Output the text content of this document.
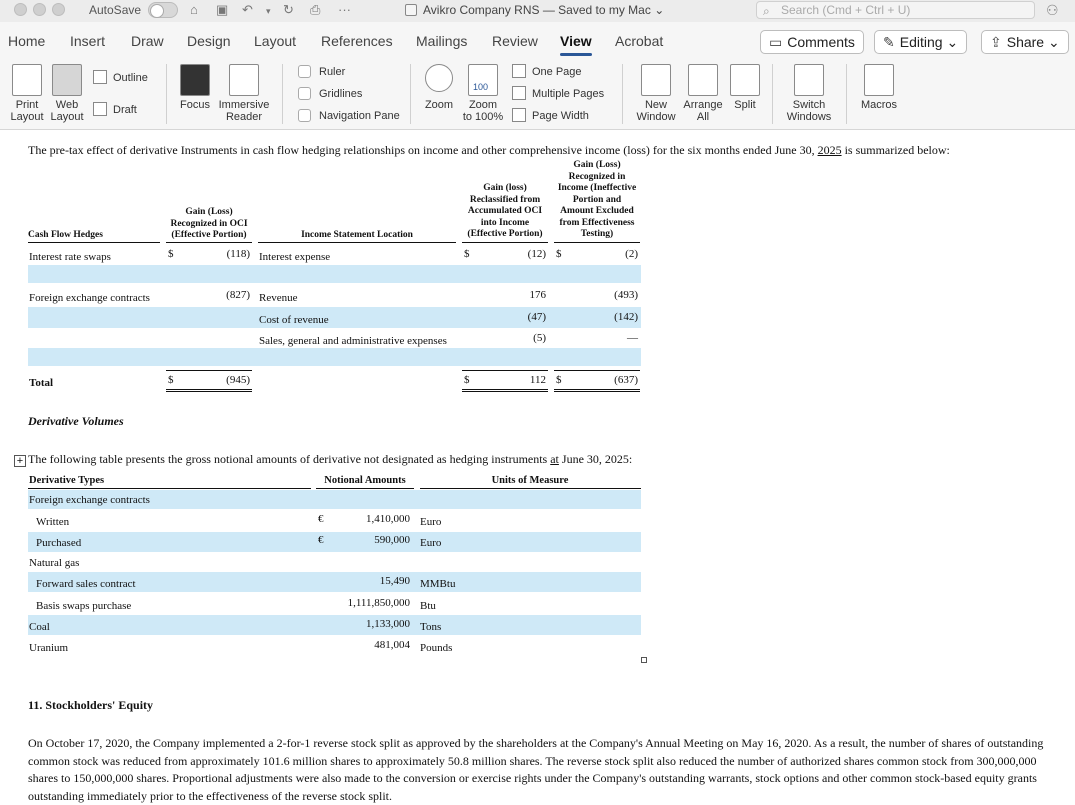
AutoSave	⌂ ▣ ↶ ▾ ↻ ⎙ ···	Avikro Company RNS — Saved to my Mac ⌄	⌕ Search (Cmd + Ctrl + U)	⚇
Home Insert Draw Design Layout References Mailings Review View Acrobat	▭ Comments	✎ Editing ⌄	⇪ Share ⌄
Print
Layout
Web
Layout
Outline
Draft	Focus Immersive
Reader
Ruler
Gridlines
Navigation Pane
Zoom
100
Zoom
to 100%
One Page
Multiple Pages
Page Width
New
Window
Arrange
All
Split	Switch
Windows
Macros
The pre-tax effect of derivative Instruments in cash flow hedging relationships on income and other comprehensive income (loss) for the six months ended June 30, 2025 is summarized below:
Cash Flow Hedges
Gain (Loss)
Recognized in OCI
(Effective Portion)	Income Statement Location
Gain (loss)
Reclassified from
Accumulated OCI
into Income
(Effective Portion)
Gain (Loss)
Recognized in
Income (Ineffective
Portion and
Amount Excluded
from Effectiveness
Testing)
Interest rate swaps	$	(118) Interest expense	$	(12) $	(2)
Foreign exchange contracts	(827) Revenue	176	(493)
Cost of revenue	(47)	(142)
Sales, general and administrative expenses	(5)	—
Total	$	(945)	$	112 $	(637)
Derivative Volumes
+ The following table presents the gross notional amounts of derivative not designated as hedging instruments at June 30, 2025:
Derivative Types	Notional Amounts	Units of Measure
Foreign exchange contracts
Written	€	1,410,000 Euro
Purchased	€	590,000 Euro
Natural gas
Forward sales contract	15,490 MMBtu
Basis swaps purchase	1,111,850,000 Btu
Coal	1,133,000 Tons
Uranium	481,004 Pounds
11. Stockholders' Equity
On October 17, 2020, the Company implemented a 2-for-1 reverse stock split as approved by the shareholders at the Company's Annual Meeting on May 16, 2020. As a result, the number of shares of outstanding common stock was reduced from approximately 101.6 million shares to approximately 50.8 million shares. The reverse stock split also reduced the number of authorized shares common stock from 300,000,000 shares to 150,000,000 shares. Proportional adjustments were also made to the conversion or exercise rights under the Company's outstanding warrants, stock options and other common stock-based equity grants outstanding immediately prior to the effectiveness of the reverse stock split.
